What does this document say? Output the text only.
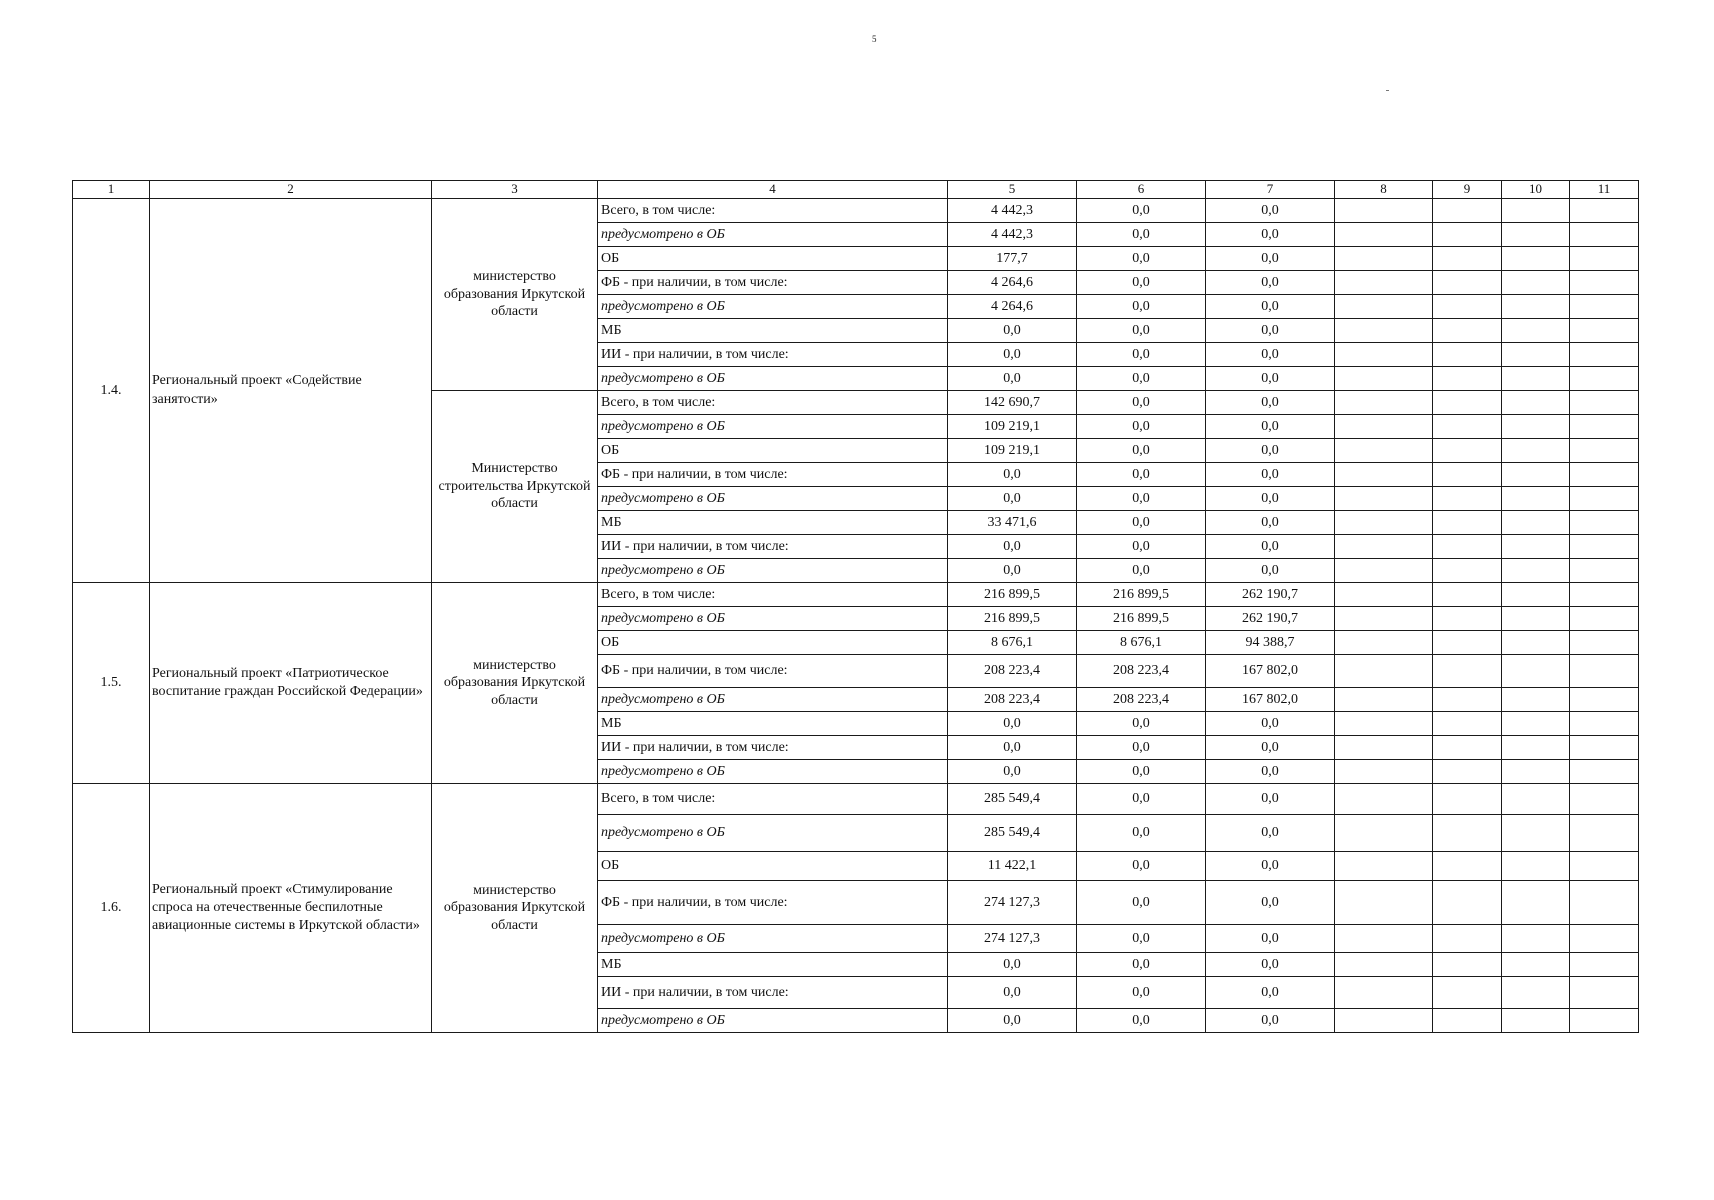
5
1	2	3	4	5	6	7	8	9	10	11
1.4.	Региональный проект «Содействие занятости»	министерство образования Иркутской области	Всего, в том числе:	4 442,3	0,0	0,0				
			предусмотрено в ОБ	4 442,3	0,0	0,0				
			ОБ	177,7	0,0	0,0				
			ФБ - при наличии, в том числе:	4 264,6	0,0	0,0				
			предусмотрено в ОБ	4 264,6	0,0	0,0				
			МБ	0,0	0,0	0,0				
			ИИ - при наличии, в том числе:	0,0	0,0	0,0				
			предусмотрено в ОБ	0,0	0,0	0,0				
		Министерство строительства Иркутской области	Всего, в том числе:	142 690,7	0,0	0,0				
			предусмотрено в ОБ	109 219,1	0,0	0,0				
			ОБ	109 219,1	0,0	0,0				
			ФБ - при наличии, в том числе:	0,0	0,0	0,0				
			предусмотрено в ОБ	0,0	0,0	0,0				
			МБ	33 471,6	0,0	0,0				
			ИИ - при наличии, в том числе:	0,0	0,0	0,0				
			предусмотрено в ОБ	0,0	0,0	0,0				
1.5.	Региональный проект «Патриотическое воспитание граждан Российской Федерации»	министерство образования Иркутской области	Всего, в том числе:	216 899,5	216 899,5	262 190,7				
			предусмотрено в ОБ	216 899,5	216 899,5	262 190,7				
			ОБ	8 676,1	8 676,1	94 388,7				
			ФБ - при наличии, в том числе:	208 223,4	208 223,4	167 802,0				
			предусмотрено в ОБ	208 223,4	208 223,4	167 802,0				
			МБ	0,0	0,0	0,0				
			ИИ - при наличии, в том числе:	0,0	0,0	0,0				
			предусмотрено в ОБ	0,0	0,0	0,0				
1.6.	Региональный проект «Стимулирование спроса на отечественные беспилотные авиационные системы в Иркутской области»	министерство образования Иркутской области	Всего, в том числе:	285 549,4	0,0	0,0				
			предусмотрено в ОБ	285 549,4	0,0	0,0				
			ОБ	11 422,1	0,0	0,0				
			ФБ - при наличии, в том числе:	274 127,3	0,0	0,0				
			предусмотрено в ОБ	274 127,3	0,0	0,0				
			МБ	0,0	0,0	0,0				
			ИИ - при наличии, в том числе:	0,0	0,0	0,0				
			предусмотрено в ОБ	0,0	0,0	0,0				
